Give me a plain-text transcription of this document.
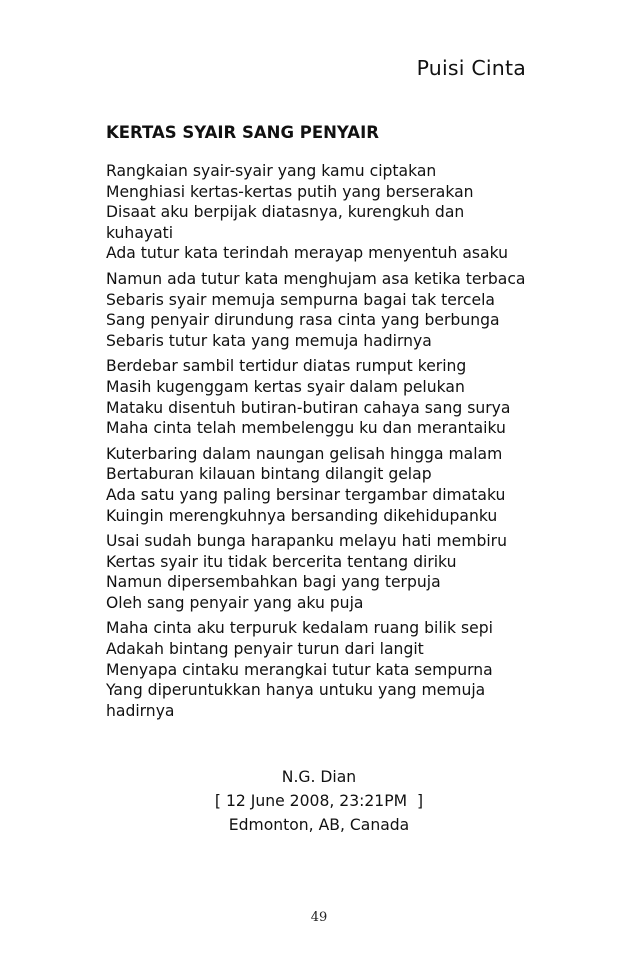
Puisi Cinta
KERTAS SYAIR SANG PENYAIR
Rangkaian syair-syair yang kamu ciptakan
Menghiasi kertas-kertas putih yang berserakan
Disaat aku berpijak diatasnya, kurengkuh dan
kuhayati
Ada tutur kata terindah merayap menyentuh asaku
Namun ada tutur kata menghujam asa ketika terbaca
Sebaris syair memuja sempurna bagai tak tercela
Sang penyair dirundung rasa cinta yang berbunga
Sebaris tutur kata yang memuja hadirnya
Berdebar sambil tertidur diatas rumput kering
Masih kugenggam kertas syair dalam pelukan
Mataku disentuh butiran-butiran cahaya sang surya
Maha cinta telah membelenggu ku dan merantaiku
Kuterbaring dalam naungan gelisah hingga malam
Bertaburan kilauan bintang dilangit gelap
Ada satu yang paling bersinar tergambar dimataku
Kuingin merengkuhnya bersanding dikehidupanku
Usai sudah bunga harapanku melayu hati membiru
Kertas syair itu tidak bercerita tentang diriku
Namun dipersembahkan bagi yang terpuja
Oleh sang penyair yang aku puja
Maha cinta aku terpuruk kedalam ruang bilik sepi
Adakah bintang penyair turun dari langit
Menyapa cintaku merangkai tutur kata sempurna
Yang diperuntukkan hanya untuku yang memuja
hadirnya
N.G. Dian
[ 12 June 2008, 23:21PM  ]
Edmonton, AB, Canada
49
